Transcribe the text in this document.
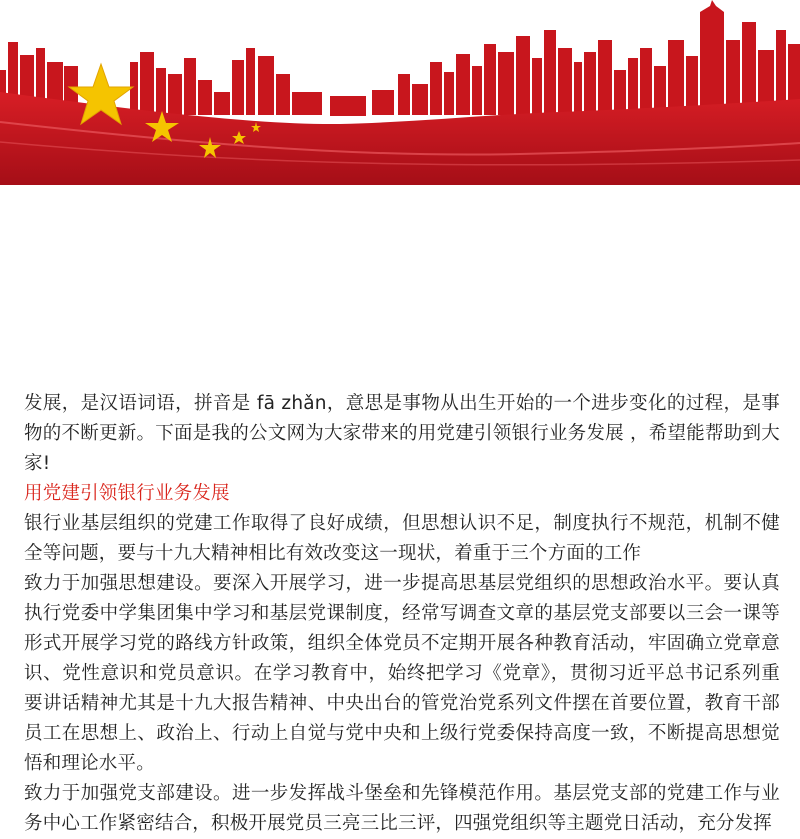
发展，是汉语词语，拼音是 fā zhǎn，意思是事物从出生开始的一个进步变化的过程，是事物的不断更新。下面是我的公文网为大家带来的用党建引领银行业务发展 ，希望能帮助到大家!

用党建引领银行业务发展

银行业基层组织的党建工作取得了良好成绩，但思想认识不足，制度执行不规范，机制不健全等问题，要与十九大精神相比有效改变这一现状，着重于三个方面的工作

致力于加强思想建设。要深入开展学习，进一步提高思基层党组织的思想政治水平。要认真执行党委中学集团集中学习和基层党课制度，经常写调查文章的基层党支部要以三会一课等形式开展学习党的路线方针政策，组织全体党员不定期开展各种教育活动，牢固确立党章意识、党性意识和党员意识。在学习教育中，始终把学习《党章》，贯彻习近平总书记系列重要讲话精神尤其是十九大报告精神、中央出台的管党治党系列文件摆在首要位置，教育干部员工在思想上、政治上、行动上自觉与党中央和上级行党委保持高度一致，不断提高思想觉悟和理论水平。

致力于加强党支部建设。进一步发挥战斗堡垒和先锋模范作用。基层党支部的党建工作与业务中心工作紧密结合，积极开展党员三亮三比三评，四强党组织等主题党日活动，充分发挥
